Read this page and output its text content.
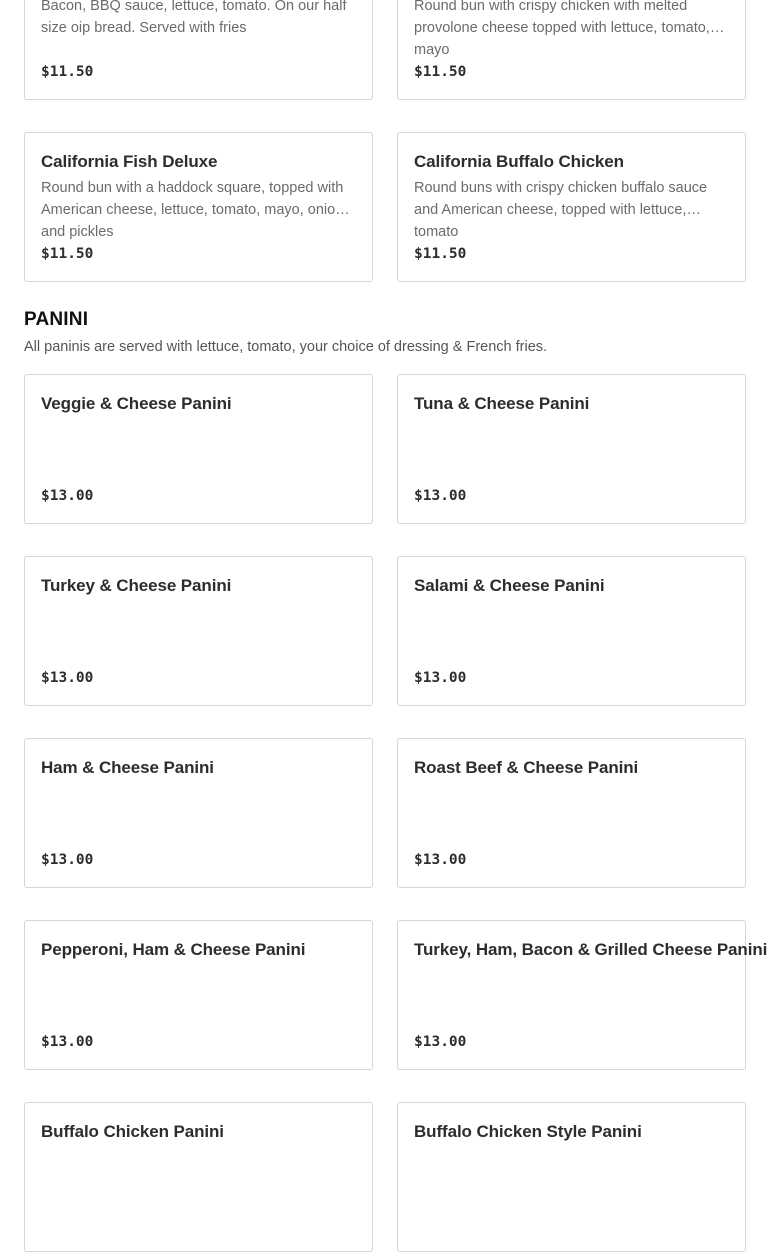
Bacon, BBQ sauce, lettuce, tomato. On our half size oip bread. Served with fries
$11.50
Round bun with crispy chicken with melted provolone cheese topped with lettuce, tomato, mayo
$11.50
California Fish Deluxe
Round bun with a haddock square, topped with American cheese, lettuce, tomato, mayo, onion and pickles
$11.50
California Buffalo Chicken
Round buns with crispy chicken buffalo sauce and American cheese, topped with lettuce, tomato
$11.50
PANINI
All paninis are served with lettuce, tomato, your choice of dressing & French fries.
Veggie & Cheese Panini
$13.00
Tuna & Cheese Panini
$13.00
Turkey & Cheese Panini
$13.00
Salami & Cheese Panini
$13.00
Ham & Cheese Panini
$13.00
Roast Beef & Cheese Panini
$13.00
Pepperoni, Ham & Cheese Panini
$13.00
Turkey, Ham, Bacon & Grilled Cheese Panini
$13.00
Buffalo Chicken Panini	Buffalo Chicken Style Panini
